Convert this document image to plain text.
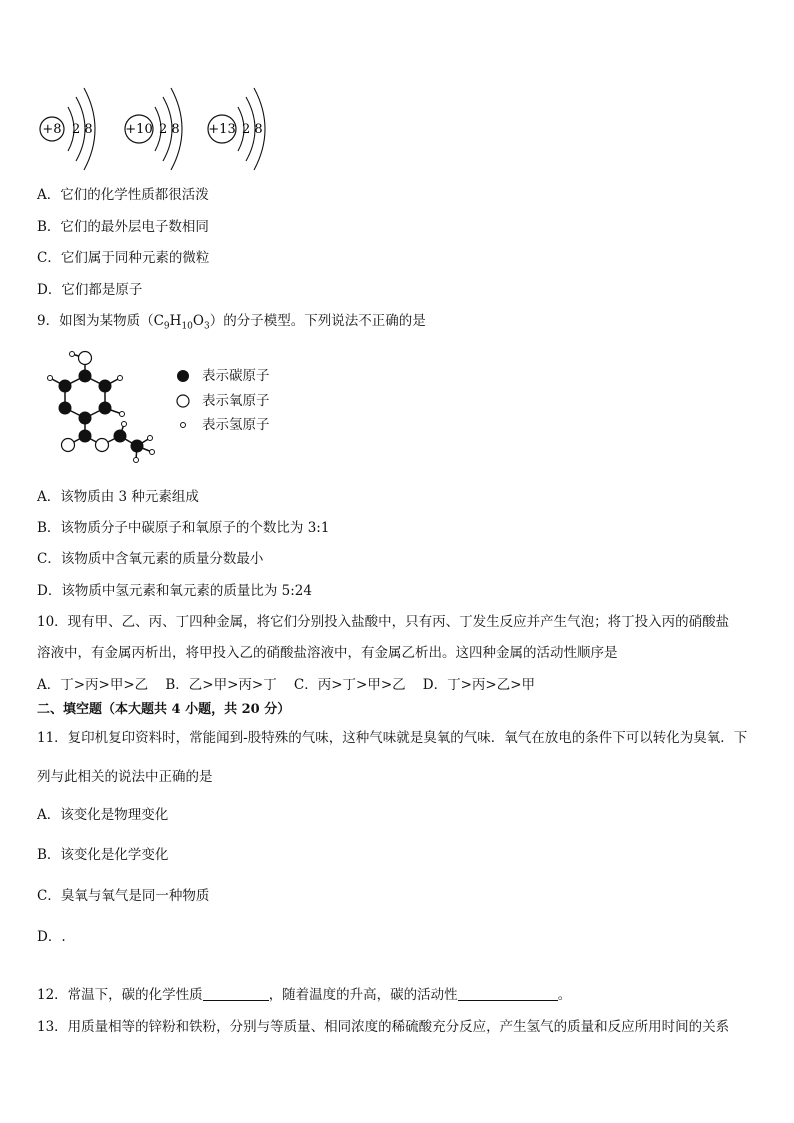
+8 2 8	+10 2 8 +13 2 8
A．它们的化学性质都很活泼
B．它们的最外层电子数相同
C．它们属于同种元素的微粒
D．它们都是原子
9．如图为某物质$(C_9H_{10}O_3)$的分子模型。下列说法不正确的是
表示碳原子
表示氧原子
表示氢原子
A．该物质由 3 种元素组成
B．该物质分子中碳原子和氧原子的个数比为 3:1
C．该物质中含氧元素的质量分数最小
D．该物质中氢元素和氧元素的质量比为 5:24
10．现有甲、乙、丙、丁四种金属，将它们分别投入盐酸中，只有丙、丁发生反应并产生气泡；将丁投入丙的硝酸盐
溶液中，有金属丙析出，将甲投入乙的硝酸盐溶液中，有金属乙析出。这四种金属的活动性顺序是
A．丁>丙>甲>乙    B．乙>甲>丙>丁    C．丙>丁>甲>乙    D．丁>丙>乙>甲
二、填空题（本大题共 4 小题，共 20 分）
11．复印机复印资料时，常能闻到-股特殊的气味，这种气味就是臭氧的气味．氧气在放电的条件下可以转化为臭氧．下
列与此相关的说法中正确的是
A．该变化是物理变化
B．该变化是化学变化
C．臭氧与氧气是同一种物质
D．.
12．常温下，碳的化学性质	，随着温度的升高，碳的活动性	。
13．用质量相等的锌粉和铁粉，分别与等质量、相同浓度的稀硫酸充分反应，产生氢气的质量和反应所用时间的关系
